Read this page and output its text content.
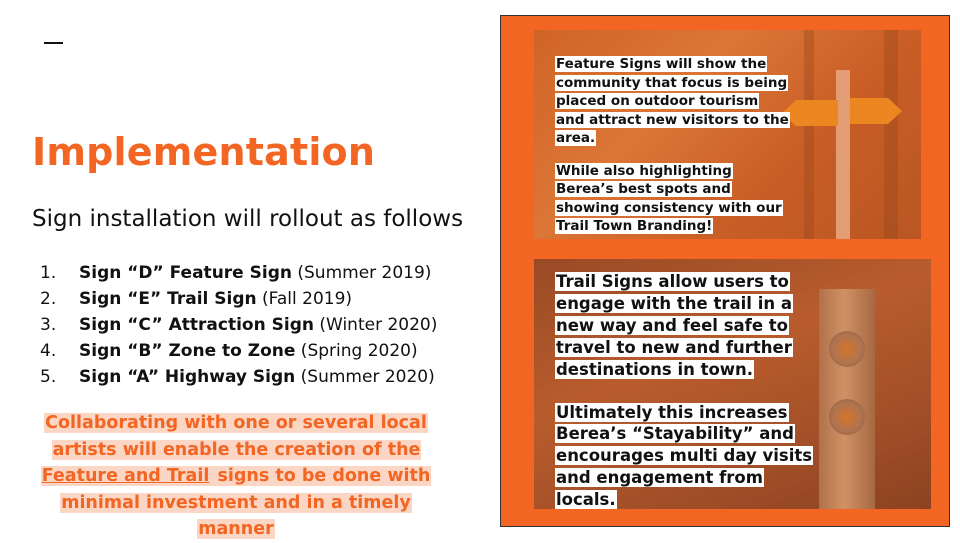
Implementation
Sign installation will rollout as follows
1. Sign “D” Feature Sign (Summer 2019)
2. Sign “E” Trail Sign (Fall 2019)
3. Sign “C” Attraction Sign (Winter 2020)
4. Sign “B” Zone to Zone (Spring 2020)
5. Sign “A” Highway Sign (Summer 2020)
Collaborating with one or several local artists will enable the creation of the Feature and Trail signs to be done with minimal investment and in a timely manner

Feature Signs will show the community that focus is being placed on outdoor tourism and attract new visitors to the area.

While also highlighting Berea’s best spots and showing consistency with our Trail Town Branding!

Trail Signs allow users to engage with the trail in a new way and feel safe to travel to new and further destinations in town.

Ultimately this increases Berea’s “Stayability” and encourages multi day visits and engagement from locals.
